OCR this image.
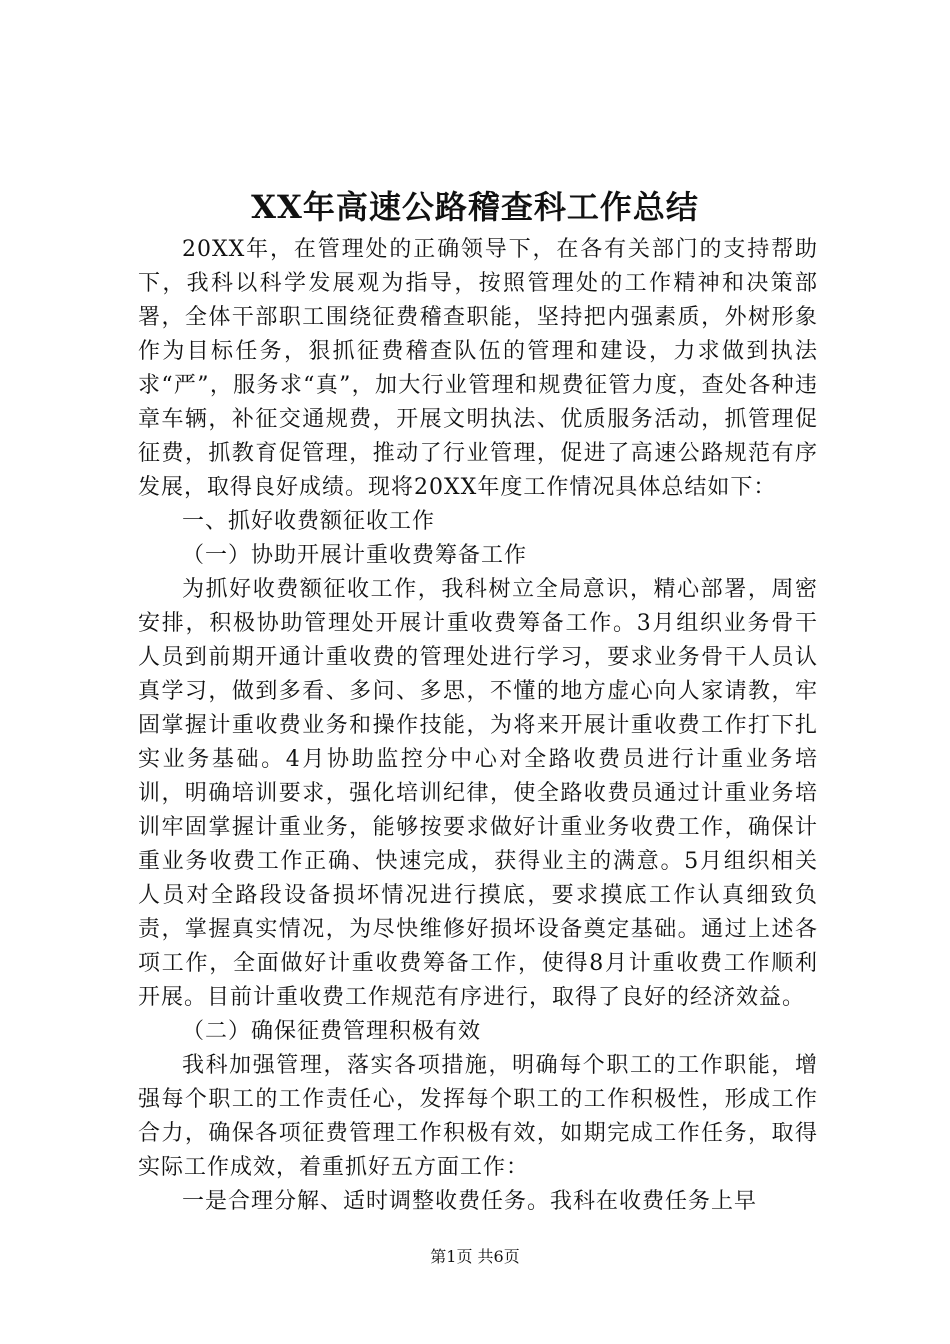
XX年高速公路稽查科工作总结

20XX年，在管理处的正确领导下，在各有关部门的支持帮助下，我科以科学发展观为指导，按照管理处的工作精神和决策部署，全体干部职工围绕征费稽查职能，坚持把内强素质，外树形象作为目标任务，狠抓征费稽查队伍的管理和建设，力求做到执法求“严”，服务求“真”，加大行业管理和规费征管力度，查处各种违章车辆，补征交通规费，开展文明执法、优质服务活动，抓管理促征费，抓教育促管理，推动了行业管理，促进了高速公路规范有序发展，取得良好成绩。现将20XX年度工作情况具体总结如下：

一、抓好收费额征收工作

（一）协助开展计重收费筹备工作

为抓好收费额征收工作，我科树立全局意识，精心部署，周密安排，积极协助管理处开展计重收费筹备工作。3月组织业务骨干人员到前期开通计重收费的管理处进行学习，要求业务骨干人员认真学习，做到多看、多问、多思，不懂的地方虚心向人家请教，牢固掌握计重收费业务和操作技能，为将来开展计重收费工作打下扎实业务基础。4月协助监控分中心对全路收费员进行计重业务培训，明确培训要求，强化培训纪律，使全路收费员通过计重业务培训牢固掌握计重业务，能够按要求做好计重业务收费工作，确保计重业务收费工作正确、快速完成，获得业主的满意。5月组织相关人员对全路段设备损坏情况进行摸底，要求摸底工作认真细致负责，掌握真实情况，为尽快维修好损坏设备奠定基础。通过上述各项工作，全面做好计重收费筹备工作，使得8月计重收费工作顺利开展。目前计重收费工作规范有序进行，取得了良好的经济效益。

（二）确保征费管理积极有效

我科加强管理，落实各项措施，明确每个职工的工作职能，增强每个职工的工作责任心，发挥每个职工的工作积极性，形成工作合力，确保各项征费管理工作积极有效，如期完成工作任务，取得实际工作成效，着重抓好五方面工作：

一是合理分解、适时调整收费任务。我科在收费任务上早

第1页 共6页
